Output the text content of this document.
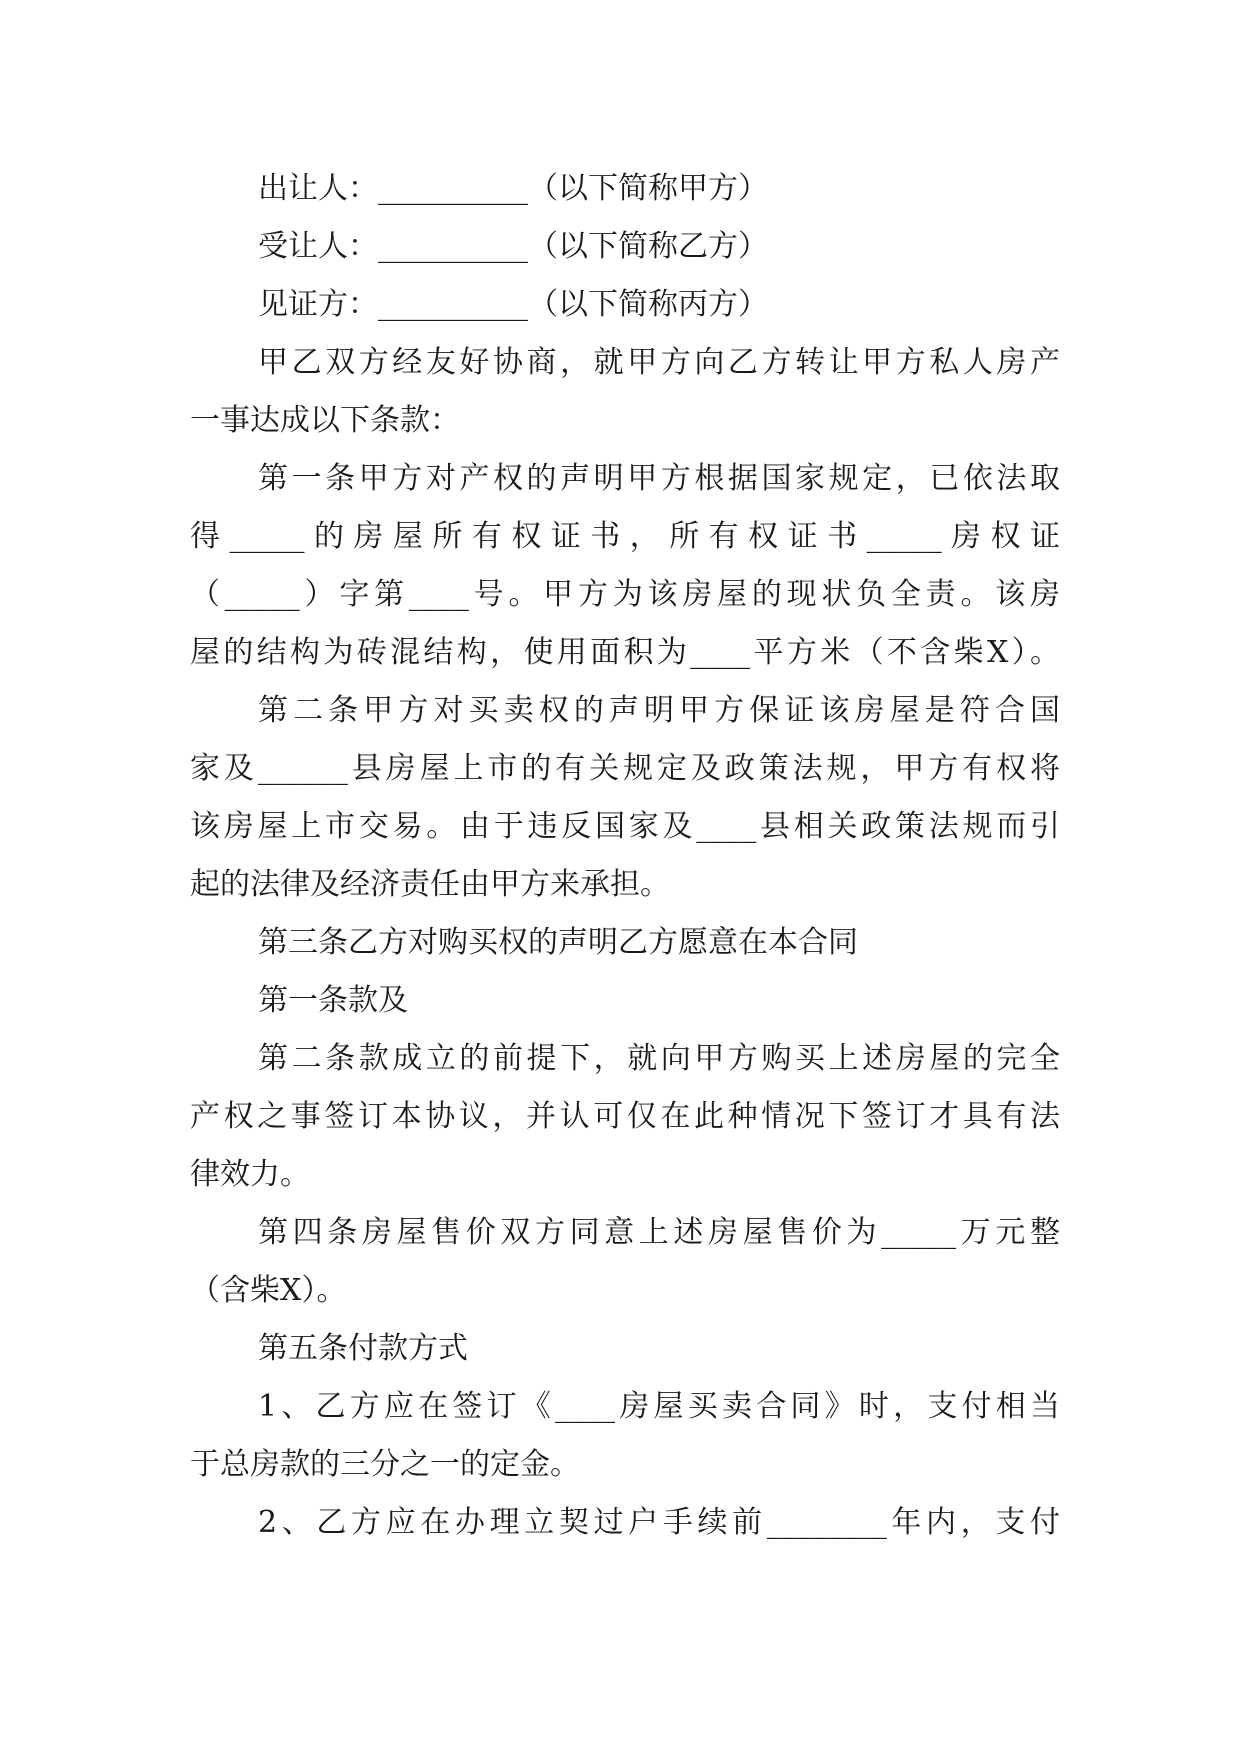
出让人：__________（以下简称甲方）
受让人：__________（以下简称乙方）
见证方：__________（以下简称丙方）
甲乙双方经友好协商，就甲方向乙方转让甲方私人房产
一事达成以下条款：
第一条甲方对产权的声明甲方根据国家规定，已依法取
得_____的房屋所有权证书，所有权证书_____房权证
（_____）字第____号。甲方为该房屋的现状负全责。该房
屋的结构为砖混结构，使用面积为____平方米（不含柴X）。
第二条甲方对买卖权的声明甲方保证该房屋是符合国
家及______县房屋上市的有关规定及政策法规，甲方有权将
该房屋上市交易。由于违反国家及____县相关政策法规而引
起的法律及经济责任由甲方来承担。
第三条乙方对购买权的声明乙方愿意在本合同
第一条款及
第二条款成立的前提下，就向甲方购买上述房屋的完全
产权之事签订本协议，并认可仅在此种情况下签订才具有法
律效力。
第四条房屋售价双方同意上述房屋售价为_____万元整
（含柴X）。
第五条付款方式
1、乙方应在签订《____房屋买卖合同》时，支付相当
于总房款的三分之一的定金。
2、乙方应在办理立契过户手续前________年内，支付
